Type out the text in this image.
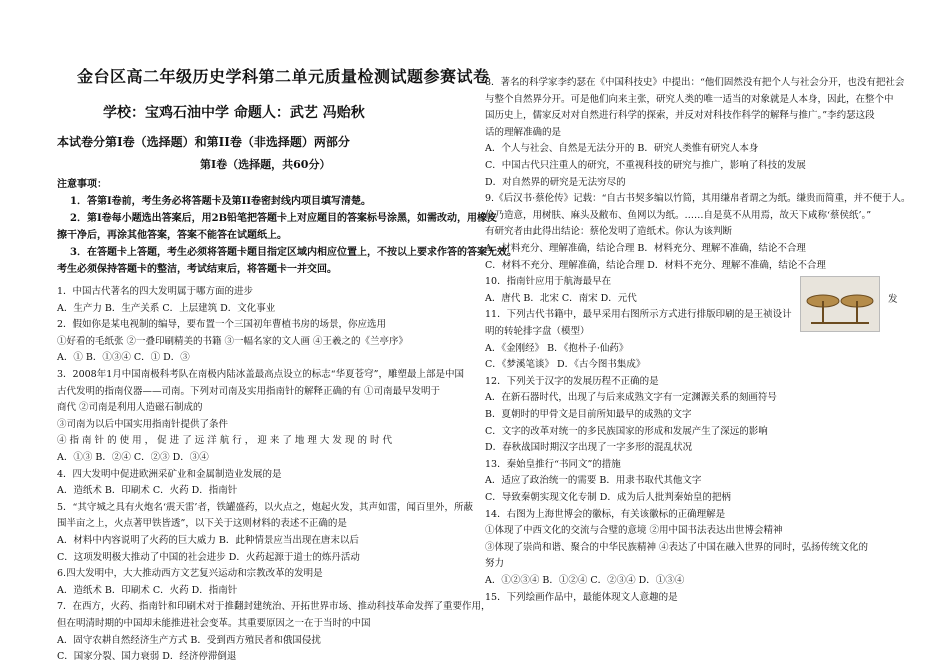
金台区高二年级历史学科第二单元质量检测试题参赛试卷
学校：宝鸡石油中学 命题人：武艺 冯贻秋
本试卷分第Ⅰ卷（选择题）和第II卷（非选择题）两部分
第Ⅰ卷（选择题，共60分）
注意事项：
1．答第Ⅰ卷前，考生务必将答题卡及第II卷密封线内项目填写清楚。
2．第Ⅰ卷每小题选出答案后，用2B铅笔把答题卡上对应题目的答案标号涂黑，如需改动，用橡皮
擦干净后，再涂其他答案，答案不能答在试题纸上。
3．在答题卡上答题，考生必须将答题卡题目指定区域内相应位置上，不按以上要求作答的答案无效。
考生必须保持答题卡的整洁，考试结束后，将答题卡一并交回。
1．中国古代著名的四大发明属于哪方面的进步
A．生产力 B．生产关系 C．上层建筑 D．文化事业
2．假如你是某电视制的编导，要布置一个三国初年曹植书房的场景，你应选用
①好看的毛纸张 ②一叠印刷精美的书籍 ③一幅名家的文人画 ④王羲之的《兰亭序》
A．① B．①③④ C．① D．③
3．2008年1月中国南极科考队在南极内陆冰盖最高点设立的标志“华夏苍穹”，雕塑最上部是中国
古代发明的指南仪器——司南。下列对司南及实用指南针的解释正确的有 ①司南最早发明于
商代 ②司南是利用人造磁石制成的
③司南为以后中国实用指南针提供了条件
④ 指 南 针 的 使 用 ， 促 进 了 远 洋 航 行 ， 迎 来 了 地 理 大 发 现 的 时 代
A．①③ B．②④ C．②③ D．③④
4．四大发明中促进欧洲采矿业和金属制造业发展的是
A．造纸术 B．印刷术 C．火药 D．指南针
5．“其守城之具有火炮名‘震天雷’者，铁罐盛药，以火点之，炮起火发，其声如雷，闻百里外，所蔽
围半亩之上，火点著甲铁皆透”，以下关于这则材料的表述不正确的是
A．材料中内容说明了火药的巨大威力 B．此种情景应当出现在唐末以后
C．这项发明极大推动了中国的社会进步 D．火药起源于道士的炼丹活动
6.四大发明中，大大推动西方文艺复兴运动和宗教改革的发明是
A．造纸术 B．印刷术 C．火药 D．指南针
7．在西方，火药、指南针和印刷术对于推翻封建统治、开拓世界市场、推动科技革命发挥了重要作用，
但在明清时期的中国却未能推进社会变革。其重要原因之一在于当时的中国
A．固守农耕自然经济生产方式 B．受到西方殖民者和俄国侵扰
C．国家分裂、国力衰弱 D．经济停滞倒退
8．著名的科学家李约瑟在《中国科技史》中提出：“他们固然没有把个人与社会分开，也没有把社会
与整个自然界分开。可是他们向来主张，研究人类的唯一适当的对象就是人本身，因此，在整个中
国历史上，儒家反对对自然进行科学的探索，并反对对科技作科学的解释与推广。”李约瑟这段
话的理解准确的是
A．个人与社会、自然是无法分开的 B．研究人类惟有研究人本身
C．中国古代只注重人的研究，不重视科技的研究与推广，影响了科技的发展
D．对自然界的研究是无法穷尽的
9.《后汉书·蔡伦传》记载：“自古书契多编以竹简，其用缣帛者谓之为纸。缣贵而简重，并不便于人。
伦乃造意，用树肤、麻头及敝布、鱼网以为纸。……自是莫不从用焉，故天下咸称‘蔡侯纸’。”
有研究者由此得出结论：蔡伦发明了造纸术。你认为该判断
A．材料充分、理解准确，结论合理 B．材料充分、理解不准确，结论不合理
C．材料不充分、理解准确，结论合理 D．材料不充分、理解不准确，结论不合理
10．指南针应用于航海最早在
A．唐代 B．北宋 C．南宋 D．元代
11．下列古代书籍中，最早采用右图所示方式进行排版印刷的是王祯设计
明的转轮排字盘（模型）
A．《金刚经》 B．《抱朴子·仙药》
C．《梦溪笔谈》 D．《古今图书集成》
12．下列关于汉字的发展历程不正确的是
A．在新石器时代，出现了与后来成熟文字有一定渊源关系的刻画符号
B．夏朝时的甲骨文是目前所知最早的成熟的文字
C．文字的改革对统一的多民族国家的形成和发展产生了深远的影响
D．春秋战国时期汉字出现了一字多形的混乱状况
13．秦始皇推行“书同文”的措施
A．适应了政治统一的需要 B．用隶书取代其他文字
C．导致秦朝实现文化专制 D．成为后人批判秦始皇的把柄
14．右图为上海世博会的徽标，有关该徽标的正确理解是
①体现了中西文化的交流与合璧的意境 ②用中国书法表达出世博会精神
③体现了崇尚和谐、聚合的中华民族精神 ④表达了中国在融入世界的同时，弘扬传统文化的
努力
A．①②③④ B．①②④ C．②③④ D．①③④
15．下列绘画作品中，最能体现文人意趣的是
发
